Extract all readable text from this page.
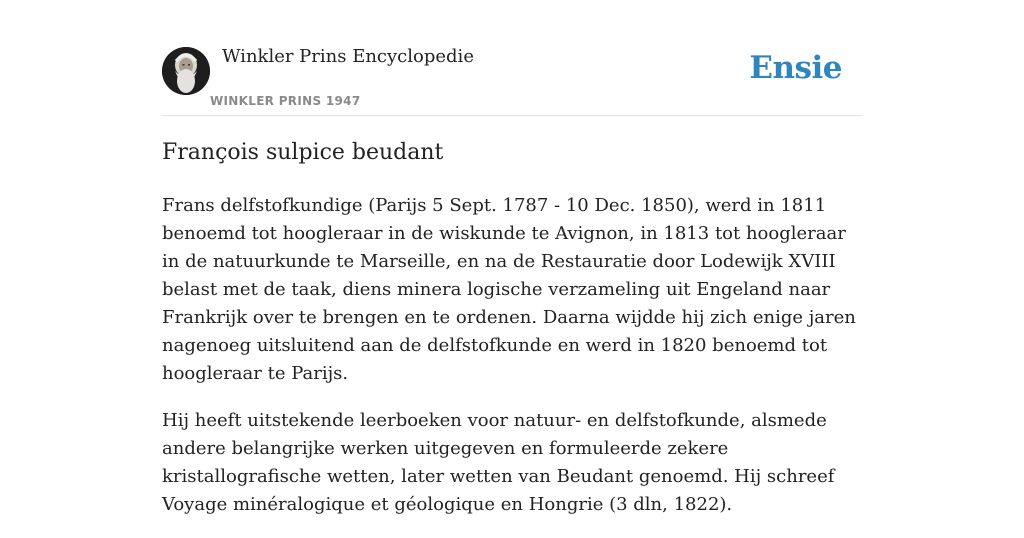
Winkler Prins Encyclopedie
WINKLER PRINS 1947
Ensie
François sulpice beudant

Frans delfstofkundige (Parijs 5 Sept. 1787 - 10 Dec. 1850), werd in 1811 benoemd tot hoogleraar in de wiskunde te Avignon, in 1813 tot hoogleraar in de natuurkunde te Marseille, en na de Restauratie door Lodewijk XVIII belast met de taak, diens minera logische verzameling uit Engeland naar Frankrijk over te brengen en te ordenen. Daarna wijdde hij zich enige jaren nagenoeg uitsluitend aan de delfstofkunde en werd in 1820 benoemd tot hoogleraar te Parijs.

Hij heeft uitstekende leerboeken voor natuur- en delfstofkunde, alsmede andere belangrijke werken uitgegeven en formuleerde zekere kristallografische wetten, later wetten van Beudant genoemd. Hij schreef Voyage minéralogique et géologique en Hongrie (3 dln, 1822).
